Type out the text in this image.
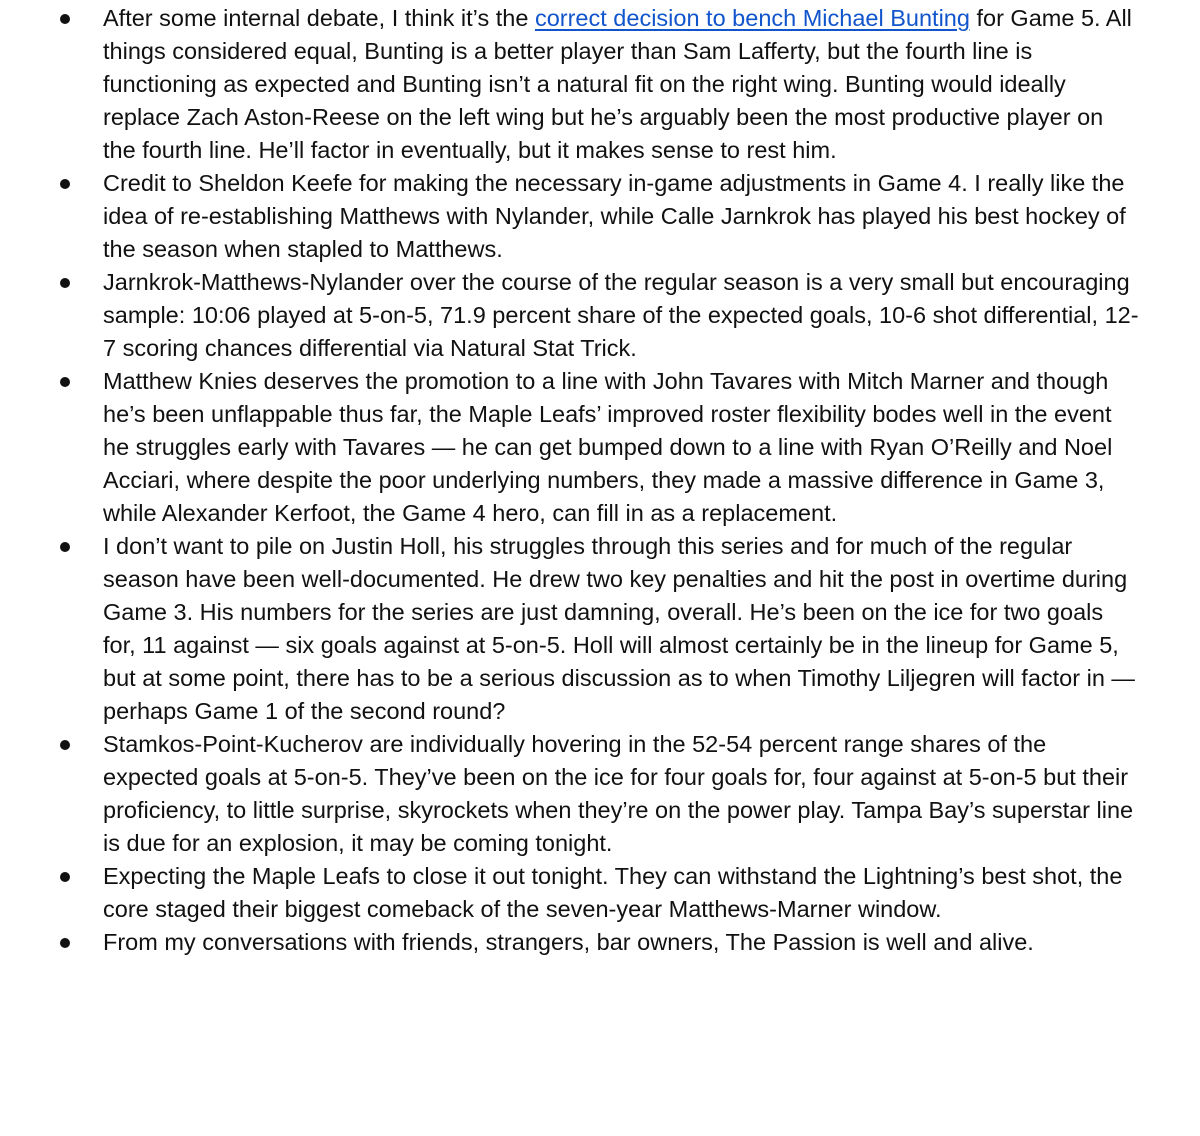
After some internal debate, I think it’s the correct decision to bench Michael Bunting for Game 5. All things considered equal, Bunting is a better player than Sam Lafferty, but the fourth line is functioning as expected and Bunting isn’t a natural fit on the right wing. Bunting would ideally replace Zach Aston-Reese on the left wing but he’s arguably been the most productive player on the fourth line. He’ll factor in eventually, but it makes sense to rest him.
Credit to Sheldon Keefe for making the necessary in-game adjustments in Game 4. I really like the idea of re-establishing Matthews with Nylander, while Calle Jarnkrok has played his best hockey of the season when stapled to Matthews.
Jarnkrok-Matthews-Nylander over the course of the regular season is a very small but encouraging sample: 10:06 played at 5-on-5, 71.9 percent share of the expected goals, 10-6 shot differential, 12-7 scoring chances differential via Natural Stat Trick.
Matthew Knies deserves the promotion to a line with John Tavares with Mitch Marner and though he’s been unflappable thus far, the Maple Leafs’ improved roster flexibility bodes well in the event he struggles early with Tavares — he can get bumped down to a line with Ryan O’Reilly and Noel Acciari, where despite the poor underlying numbers, they made a massive difference in Game 3, while Alexander Kerfoot, the Game 4 hero, can fill in as a replacement.
I don’t want to pile on Justin Holl, his struggles through this series and for much of the regular season have been well-documented. He drew two key penalties and hit the post in overtime during Game 3. His numbers for the series are just damning, overall. He’s been on the ice for two goals for, 11 against — six goals against at 5-on-5. Holl will almost certainly be in the lineup for Game 5, but at some point, there has to be a serious discussion as to when Timothy Liljegren will factor in — perhaps Game 1 of the second round?
Stamkos-Point-Kucherov are individually hovering in the 52-54 percent range shares of the expected goals at 5-on-5. They’ve been on the ice for four goals for, four against at 5-on-5 but their proficiency, to little surprise, skyrockets when they’re on the power play. Tampa Bay’s superstar line is due for an explosion, it may be coming tonight.
Expecting the Maple Leafs to close it out tonight. They can withstand the Lightning’s best shot, the core staged their biggest comeback of the seven-year Matthews-Marner window.
From my conversations with friends, strangers, bar owners, The Passion is well and alive.
